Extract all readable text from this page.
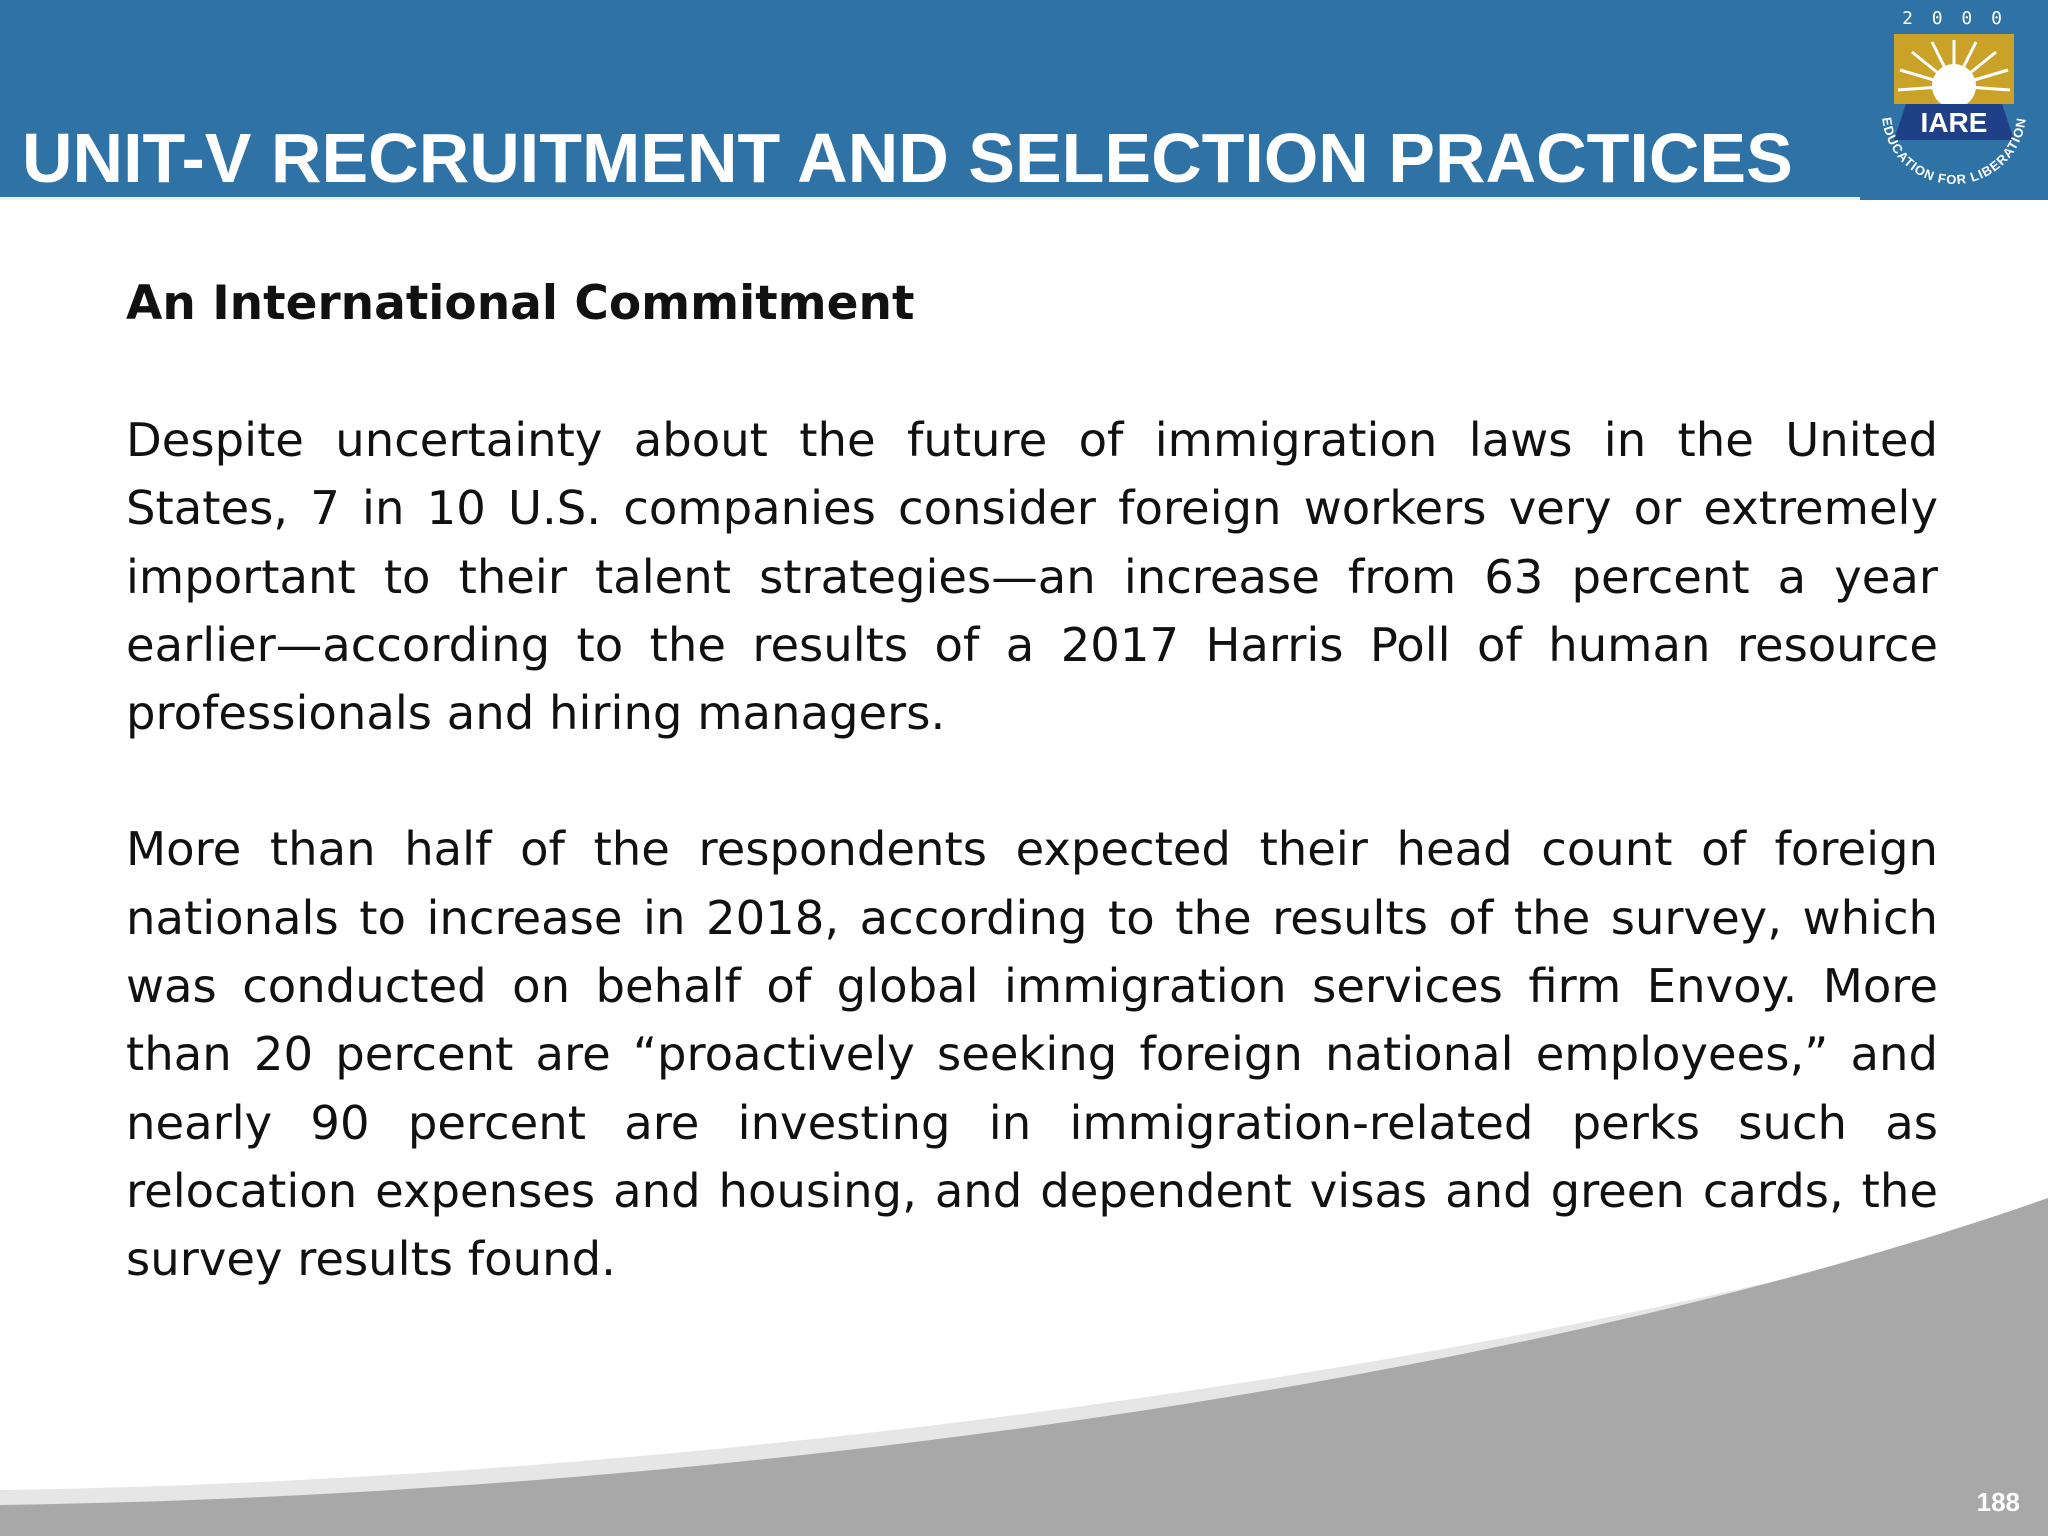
UNIT-V RECRUITMENT AND SELECTION PRACTICES
2 0 0 0
IARE
EDUCATION FOR LIBERATION
An International Commitment

Despite uncertainty about the future of immigration laws in the United States, 7 in 10 U.S. companies consider foreign workers very or extremely important to their talent strategies—an increase from 63 percent a year earlier—according to the results of a 2017 Harris Poll of human resource professionals and hiring managers.

More than half of the respondents expected their head count of foreign nationals to increase in 2018, according to the results of the survey, which was conducted on behalf of global immigration services firm Envoy. More than 20 percent are “proactively seeking foreign national employees,” and nearly 90 percent are investing in immigration-related perks such as relocation expenses and housing, and dependent visas and green cards, the survey results found.

188
